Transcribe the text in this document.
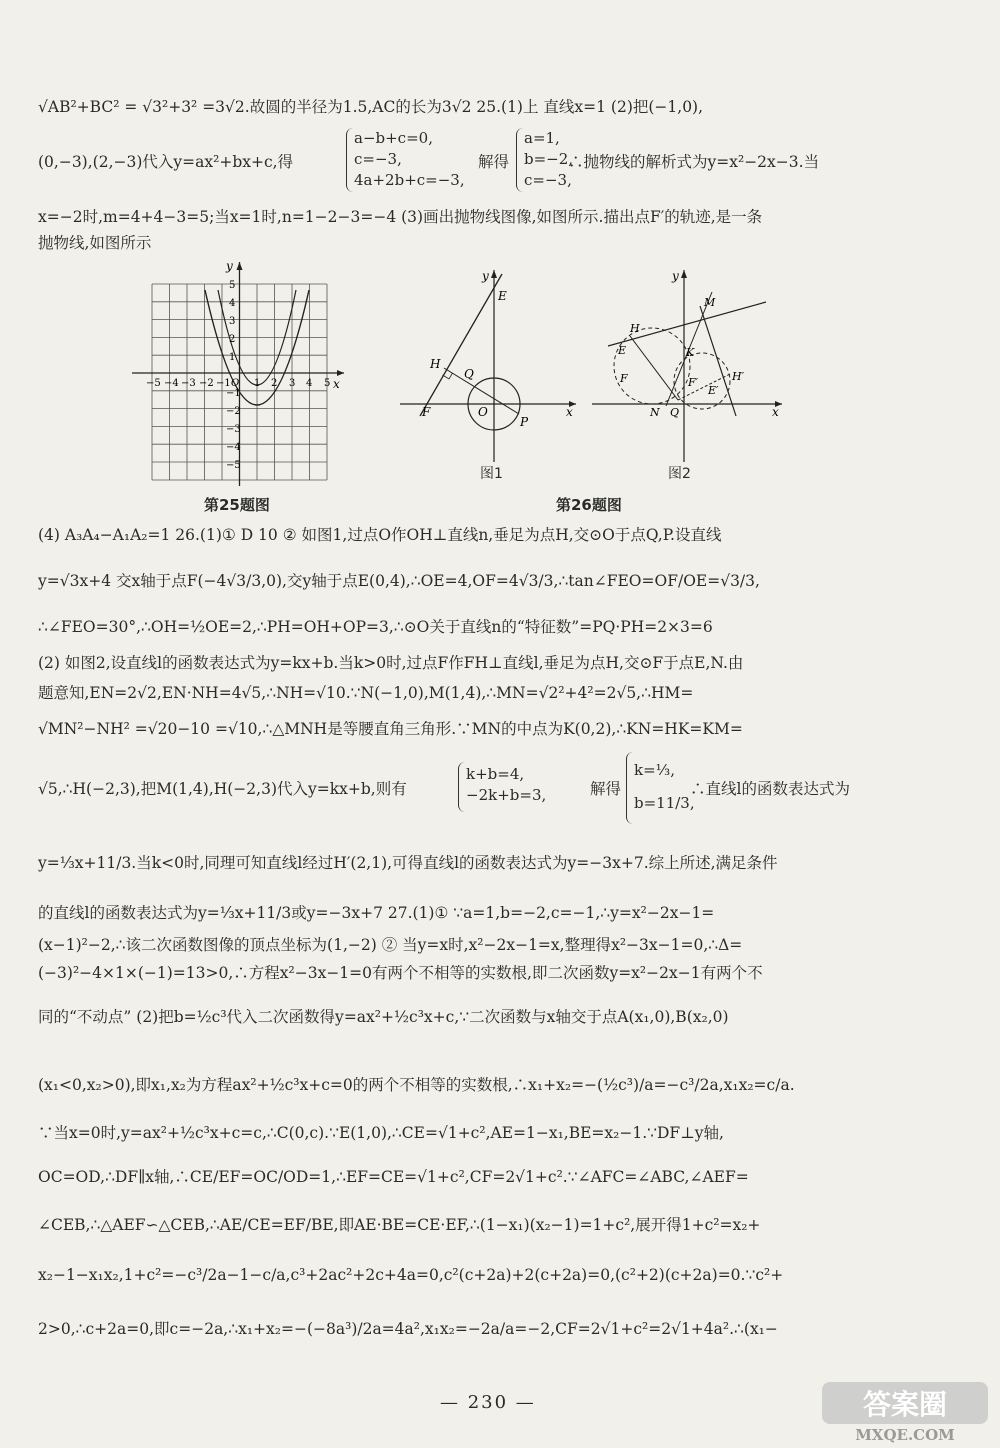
√AB²+BC² = √3²+3² =3√2.故圆的半径为1.5,AC的长为3√2 25.(1)上 直线x=1 (2)把(−1,0),
(0,−3),(2,−3)代入y=ax²+bx+c,得
a−b+c=0,
c=−3,
4a+2b+c=−3,
解得
a=1,
b=−2,
c=−3,
∴抛物线的解析式为y=x²−2x−3.当
x=−2时,m=4+4−3=5;当x=1时,n=1−2−3=−4 (3)画出抛物线图像,如图所示.描出点F′的轨迹,是一条
抛物线,如图所示
x
y
−5 −4 −3 −2 −1 O 1 2 3 4 5
5
4
3
2
1
−1
−2
−3
−4
−5
E
H
Q
O
F
P
x
y
图1
M
H
E	K
F	F′	H′
E′
N Q	x
y
图2
第25题图	第26题图
(4) A₃A₄−A₁A₂=1 26.(1)① D 10 ② 如图1,过点O作OH⊥直线n,垂足为点H,交⊙O于点Q,P.设直线
y=√3x+4 交x轴于点F(−4√3/3,0),交y轴于点E(0,4),∴OE=4,OF=4√3/3,∴tan∠FEO=OF/OE=√3/3,
∴∠FEO=30°,∴OH=½OE=2,∴PH=OH+OP=3,∴⊙O关于直线n的“特征数”=PQ·PH=2×3=6
(2) 如图2,设直线l的函数表达式为y=kx+b.当k>0时,过点F作FH⊥直线l,垂足为点H,交⊙F于点E,N.由
题意知,EN=2√2,EN·NH=4√5,∴NH=√10.∵N(−1,0),M(1,4),∴MN=√2²+4²=2√5,∴HM=
√MN²−NH² =√20−10 =√10,∴△MNH是等腰直角三角形.∵MN的中点为K(0,2),∴KN=HK=KM=
√5,∴H(−2,3),把M(1,4),H(−2,3)代入y=kx+b,则有
k+b=4,
−2k+b=3,	解得
k=⅓,
b=11/3,
∴直线l的函数表达式为
y=⅓x+11/3.当k<0时,同理可知直线l经过H′(2,1),可得直线l的函数表达式为y=−3x+7.综上所述,满足条件
的直线l的函数表达式为y=⅓x+11/3或y=−3x+7 27.(1)① ∵a=1,b=−2,c=−1,∴y=x²−2x−1=
(x−1)²−2,∴该二次函数图像的顶点坐标为(1,−2) ② 当y=x时,x²−2x−1=x,整理得x²−3x−1=0,∴Δ=
(−3)²−4×1×(−1)=13>0,∴方程x²−3x−1=0有两个不相等的实数根,即二次函数y=x²−2x−1有两个不
同的“不动点” (2)把b=½c³代入二次函数得y=ax²+½c³x+c,∵二次函数与x轴交于点A(x₁,0),B(x₂,0)
(x₁<0,x₂>0),即x₁,x₂为方程ax²+½c³x+c=0的两个不相等的实数根,∴x₁+x₂=−(½c³)/a=−c³/2a,x₁x₂=c/a.
∵当x=0时,y=ax²+½c³x+c=c,∴C(0,c).∵E(1,0),∴CE=√1+c²,AE=1−x₁,BE=x₂−1.∵DF⊥y轴,
OC=OD,∴DF∥x轴,∴CE/EF=OC/OD=1,∴EF=CE=√1+c²,CF=2√1+c².∵∠AFC=∠ABC,∠AEF=
∠CEB,∴△AEF∽△CEB,∴AE/CE=EF/BE,即AE·BE=CE·EF,∴(1−x₁)(x₂−1)=1+c²,展开得1+c²=x₂+
x₂−1−x₁x₂,1+c²=−c³/2a−1−c/a,c³+2ac²+2c+4a=0,c²(c+2a)+2(c+2a)=0,(c²+2)(c+2a)=0.∵c²+
2>0,∴c+2a=0,即c=−2a,∴x₁+x₂=−(−8a³)/2a=4a²,x₁x₂=−2a/a=−2,CF=2√1+c²=2√1+4a².∴(x₁−
— 230 —	答案圈
MXQE.COM
